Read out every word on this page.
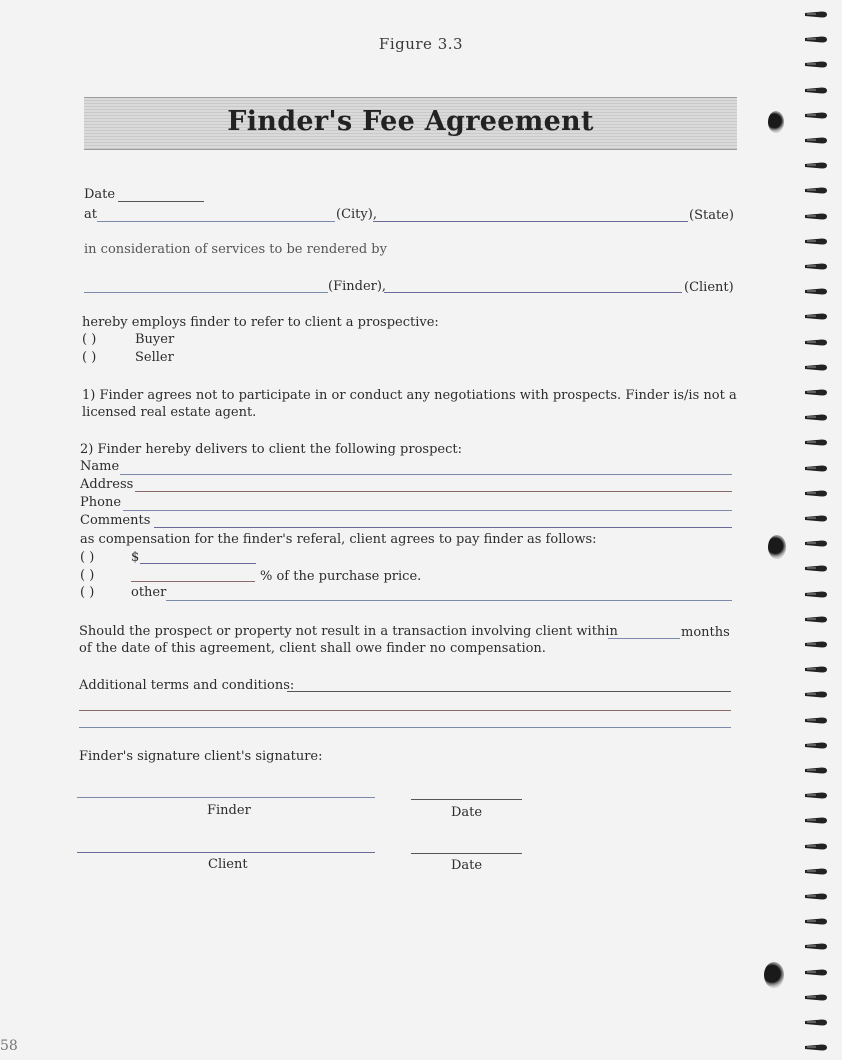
Figure 3.3
Finder's Fee Agreement
Date
at	(City),	(State)
in consideration of services to be rendered by
(Finder),	(Client)
hereby employs finder to refer to client a prospective:
( )	Buyer
( )	Seller
1) Finder agrees not to participate in or conduct any negotiations with prospects. Finder is/is not a
licensed real estate agent.
2) Finder hereby delivers to client the following prospect:
Name
Address
Phone
Comments
as compensation for the finder's referal, client agrees to pay finder as follows:
( )	$
( )	% of the purchase price.
( )	other
Should the prospect or property not result in a transaction involving client within	months
of the date of this agreement, client shall owe finder no compensation.
Additional terms and conditions:
Finder's signature client's signature:
Finder	Date
Client	Date
58
